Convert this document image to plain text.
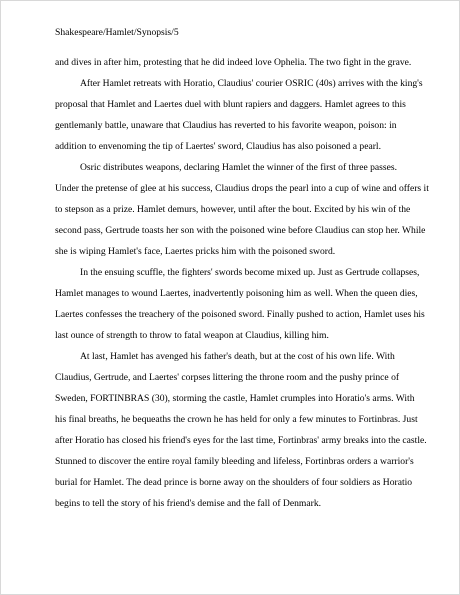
Shakespeare/Hamlet/Synopsis/5
and dives in after him, protesting that he did indeed love Ophelia. The two fight in the grave.
After Hamlet retreats with Horatio, Claudius' courier OSRIC (40s) arrives with the king's
proposal that Hamlet and Laertes duel with blunt rapiers and daggers. Hamlet agrees to this
gentlemanly battle, unaware that Claudius has reverted to his favorite weapon, poison: in
addition to envenoming the tip of Laertes' sword, Claudius has also poisoned a pearl.
Osric distributes weapons, declaring Hamlet the winner of the first of three passes.
Under the pretense of glee at his success, Claudius drops the pearl into a cup of wine and offers it
to stepson as a prize. Hamlet demurs, however, until after the bout. Excited by his win of the
second pass, Gertrude toasts her son with the poisoned wine before Claudius can stop her. While
she is wiping Hamlet's face, Laertes pricks him with the poisoned sword.
In the ensuing scuffle, the fighters' swords become mixed up. Just as Gertrude collapses,
Hamlet manages to wound Laertes, inadvertently poisoning him as well. When the queen dies,
Laertes confesses the treachery of the poisoned sword. Finally pushed to action, Hamlet uses his
last ounce of strength to throw to fatal weapon at Claudius, killing him.
At last, Hamlet has avenged his father's death, but at the cost of his own life. With
Claudius, Gertrude, and Laertes' corpses littering the throne room and the pushy prince of
Sweden, FORTINBRAS (30), storming the castle, Hamlet crumples into Horatio's arms. With
his final breaths, he bequeaths the crown he has held for only a few minutes to Fortinbras. Just
after Horatio has closed his friend's eyes for the last time, Fortinbras' army breaks into the castle.
Stunned to discover the entire royal family bleeding and lifeless, Fortinbras orders a warrior's
burial for Hamlet. The dead prince is borne away on the shoulders of four soldiers as Horatio
begins to tell the story of his friend's demise and the fall of Denmark.
